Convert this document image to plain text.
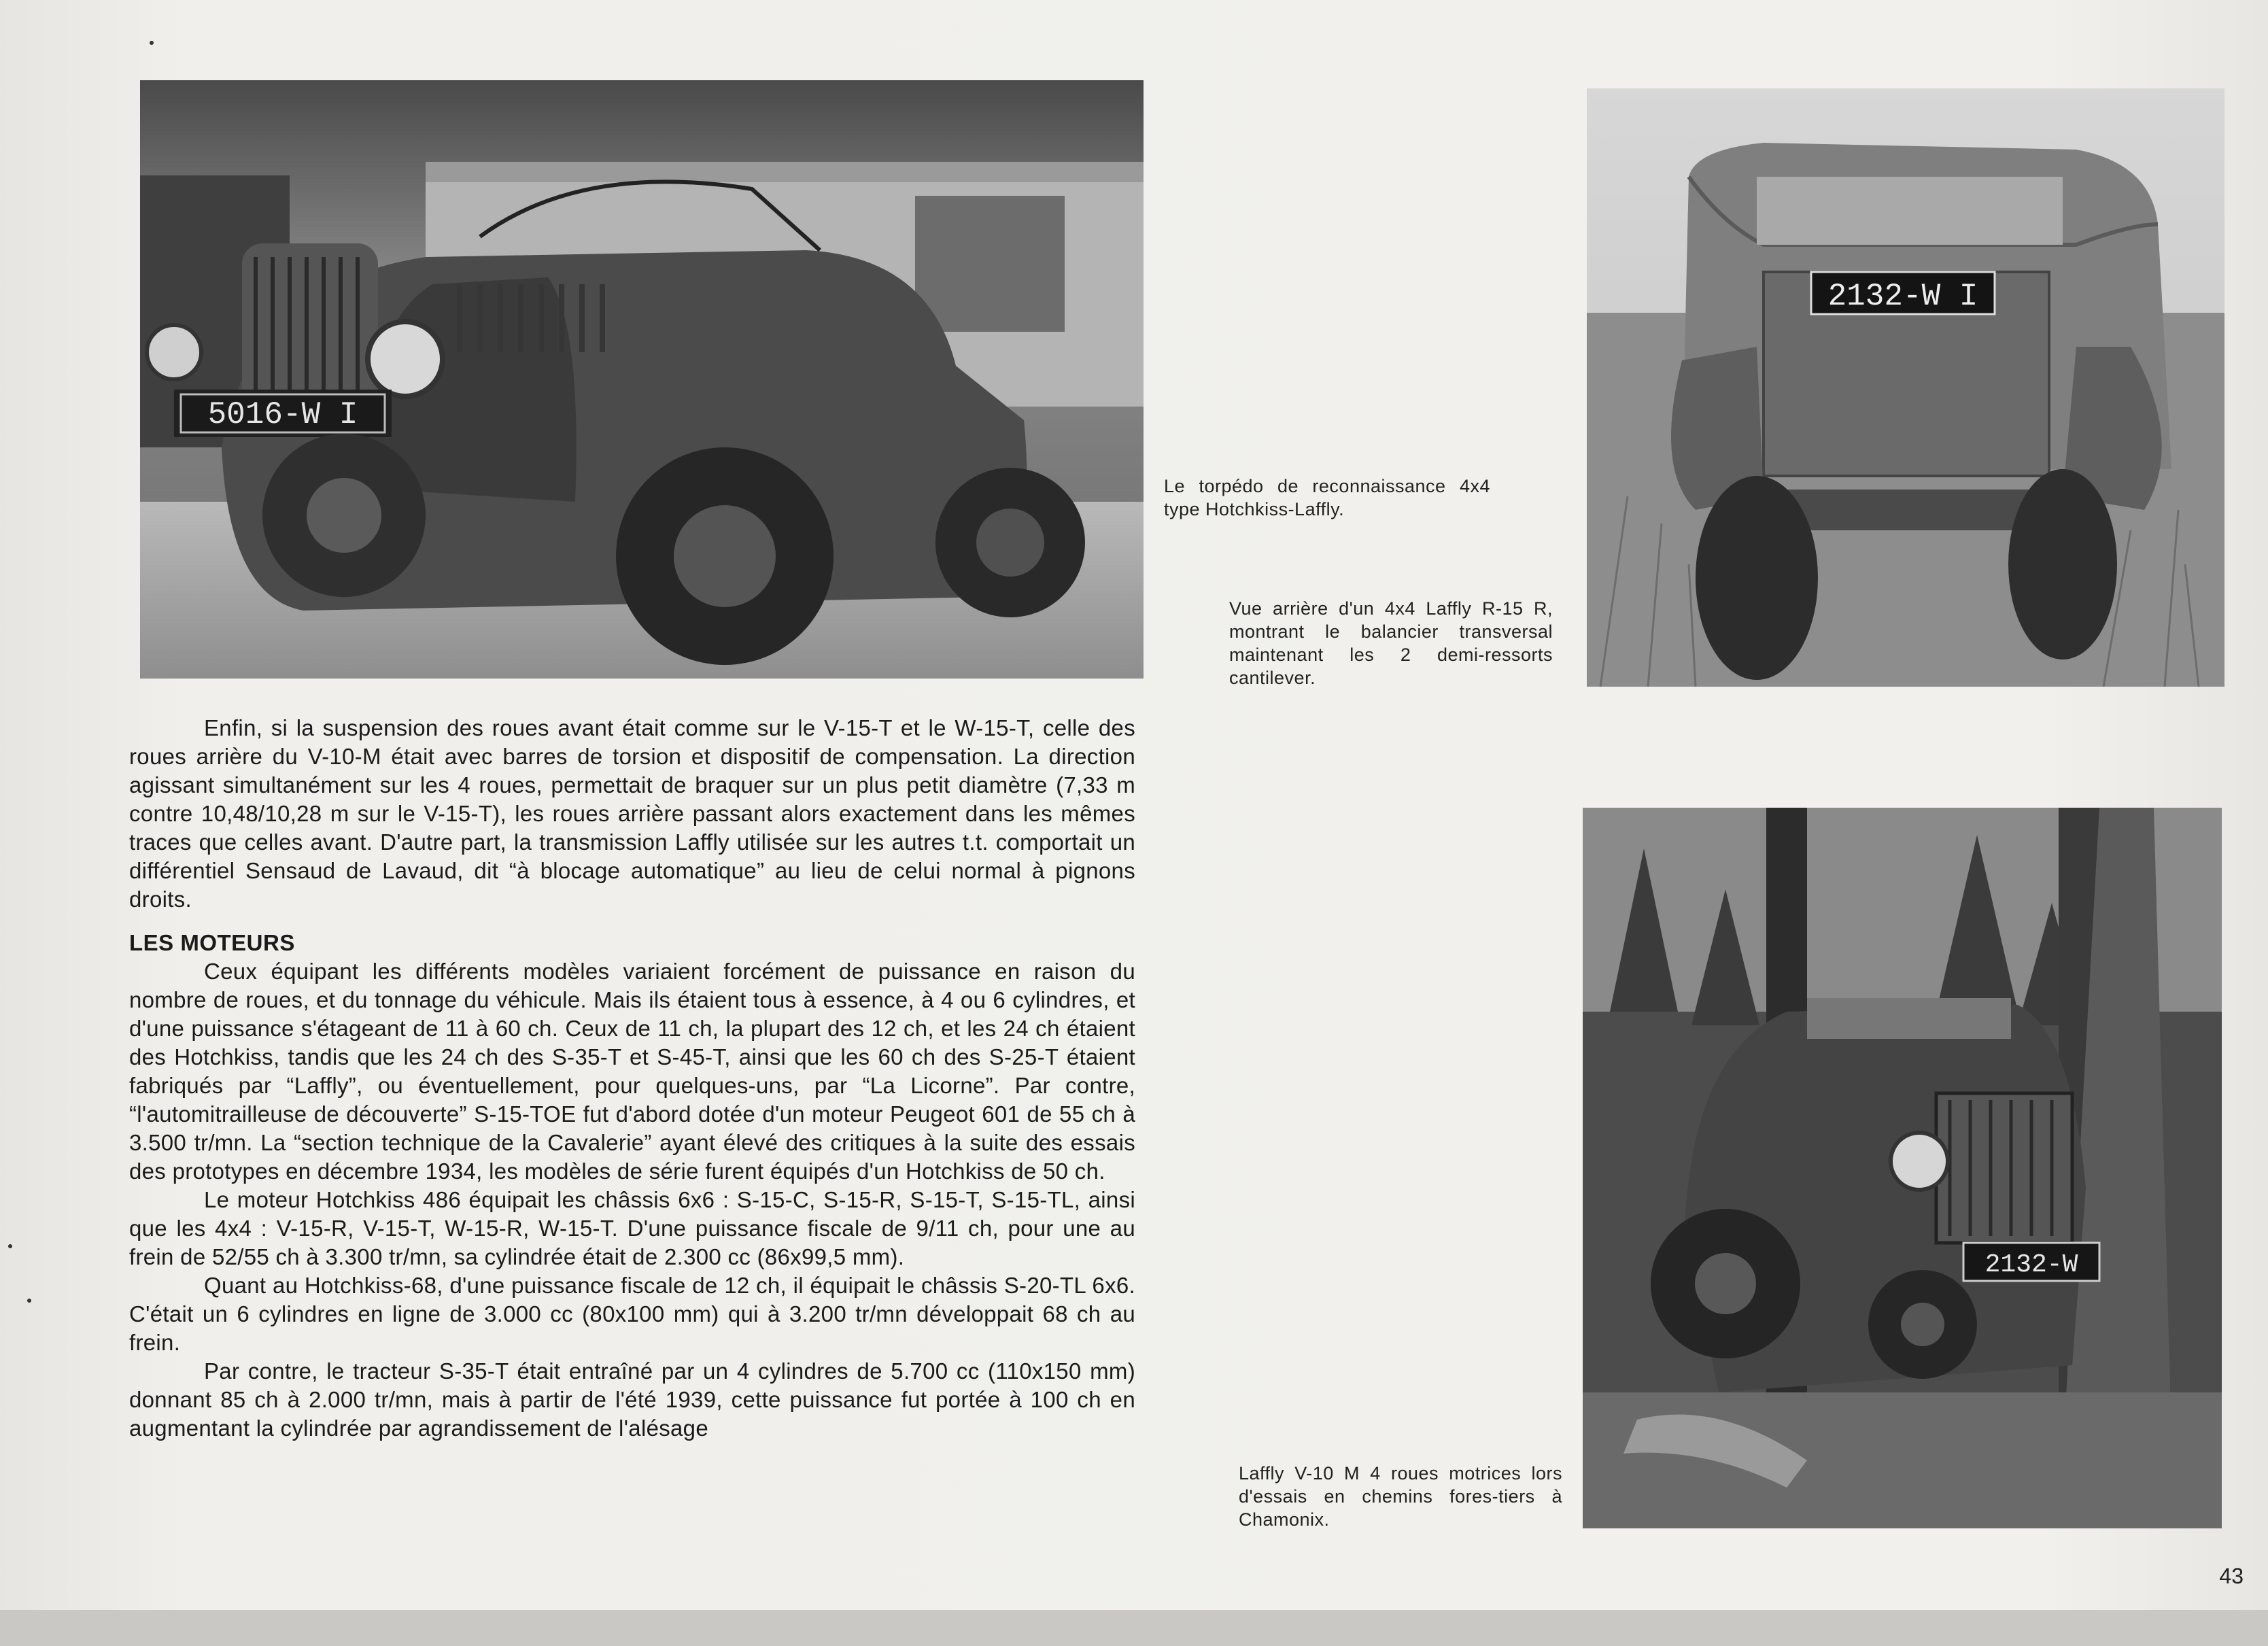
5016-W I
2132-W I
2132-W
Le torpédo de reconnaissance 4x4 type Hotchkiss-Laffly.
Vue arrière d'un 4x4 Laffly R-15 R, montrant le balancier transversal maintenant les 2 demi-ressorts cantilever.
Laffly V-10 M 4 roues motrices lors d'essais en chemins fores-tiers à Chamonix.

Enfin, si la suspension des roues avant était comme sur le V-15-T et le W-15-T, celle des roues arrière du V-10-M était avec barres de torsion et dispositif de compensation. La direction agissant simultanément sur les 4 roues, permettait de braquer sur un plus petit diamètre (7,33 m contre 10,48/10,28 m sur le V-15-T), les roues arrière passant alors exactement dans les mêmes traces que celles avant. D'autre part, la transmission Laffly utilisée sur les autres t.t. comportait un différentiel Sensaud de Lavaud, dit “à blocage automatique” au lieu de celui normal à pignons droits.

LES MOTEURS

Ceux équipant les différents modèles variaient forcément de puissance en raison du nombre de roues, et du tonnage du véhicule. Mais ils étaient tous à essence, à 4 ou 6 cylindres, et d'une puissance s'étageant de 11 à 60 ch. Ceux de 11 ch, la plupart des 12 ch, et les 24 ch étaient des Hotchkiss, tandis que les 24 ch des S-35-T et S-45-T, ainsi que les 60 ch des S-25-T étaient fabriqués par “Laffly”, ou éventuellement, pour quelques-uns, par “La Licorne”. Par contre, “l'automitrailleuse de découverte” S-15-TOE fut d'abord dotée d'un moteur Peugeot 601 de 55 ch à 3.500 tr/mn. La “section technique de la Cavalerie” ayant élevé des critiques à la suite des essais des prototypes en décembre 1934, les modèles de série furent équipés d'un Hotchkiss de 50 ch.

Le moteur Hotchkiss 486 équipait les châssis 6x6 : S-15-C, S-15-R, S-15-T, S-15-TL, ainsi que les 4x4 : V-15-R, V-15-T, W-15-R, W-15-T. D'une puissance fiscale de 9/11 ch, pour une au frein de 52/55 ch à 3.300 tr/mn, sa cylindrée était de 2.300 cc (86x99,5 mm).

Quant au Hotchkiss-68, d'une puissance fiscale de 12 ch, il équipait le châssis S-20-TL 6x6. C'était un 6 cylindres en ligne de 3.000 cc (80x100 mm) qui à 3.200 tr/mn développait 68 ch au frein.

Par contre, le tracteur S-35-T était entraîné par un 4 cylindres de 5.700 cc (110x150 mm) donnant 85 ch à 2.000 tr/mn, mais à partir de l'été 1939, cette puissance fut portée à 100 ch en augmentant la cylindrée par agrandissement de l'alésage

43
